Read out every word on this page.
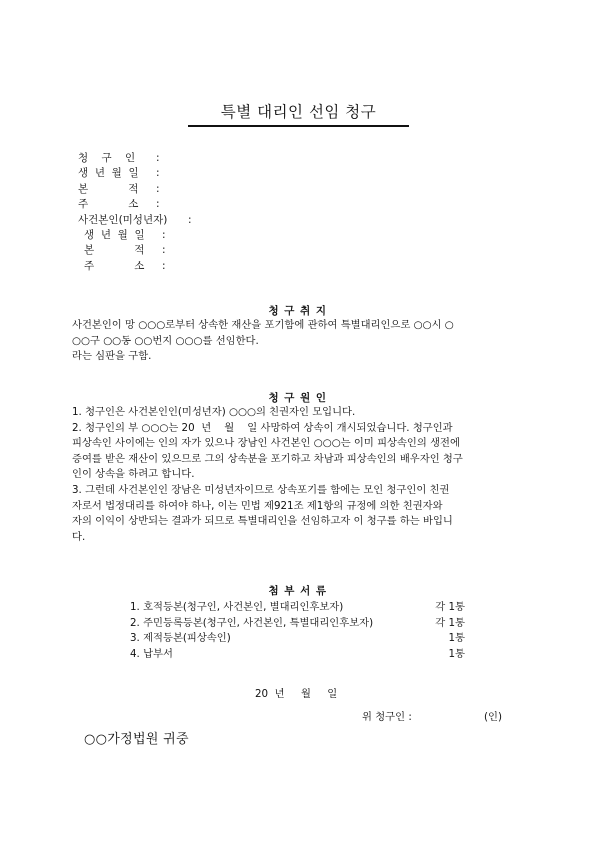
특별 대리인 선임 청구
청    구    인 :
생  년  월  일 :
본            적 :
주            소 :
사건본인(미성년자) :
생  년  월  일 :
본            적 :
주            소 :
청 구 취 지
사건본인이 망 ○○○로부터 상속한 재산을 포기함에 관하여 특별대리인으로 ○○시 ○
○○구 ○○동 ○○번지 ○○○를 선임한다.
라는 심판을 구함.
청 구 원 인
1. 청구인은 사건본인인(미성년자) ○○○의 친권자인 모입니다.
2. 청구인의 부 ○○○는 20  년    월    일 사망하여 상속이 개시되었습니다. 청구인과
피상속인 사이에는 인의 자가 있으나 장남인 사건본인 ○○○는 이미 피상속인의 생전에
증여를 받은 재산이 있으므로 그의 상속분을 포기하고 차남과 피상속인의 배우자인 청구
인이 상속을 하려고 합니다.
3. 그런데 사건본인인 장남은 미성년자이므로 상속포기를 함에는 모인 청구인이 친권
자로서 법정대리를 하여야 하나, 이는 민법 제921조 제1항의 규정에 의한 친권자와
자의 이익이 상반되는 결과가 되므로 특별대리인을 선임하고자 이 청구를 하는 바입니
다.
첨 부 서 류
1. 호적등본(청구인, 사건본인, 별대리인후보자)	각 1통
2. 주민등록등본(청구인, 사건본인, 특별대리인후보자)	각 1통
3. 제적등본(피상속인)	1통
4. 납부서	1통
20  년     월     일
위 청구인 :	(인)
○○가정법원 귀중
